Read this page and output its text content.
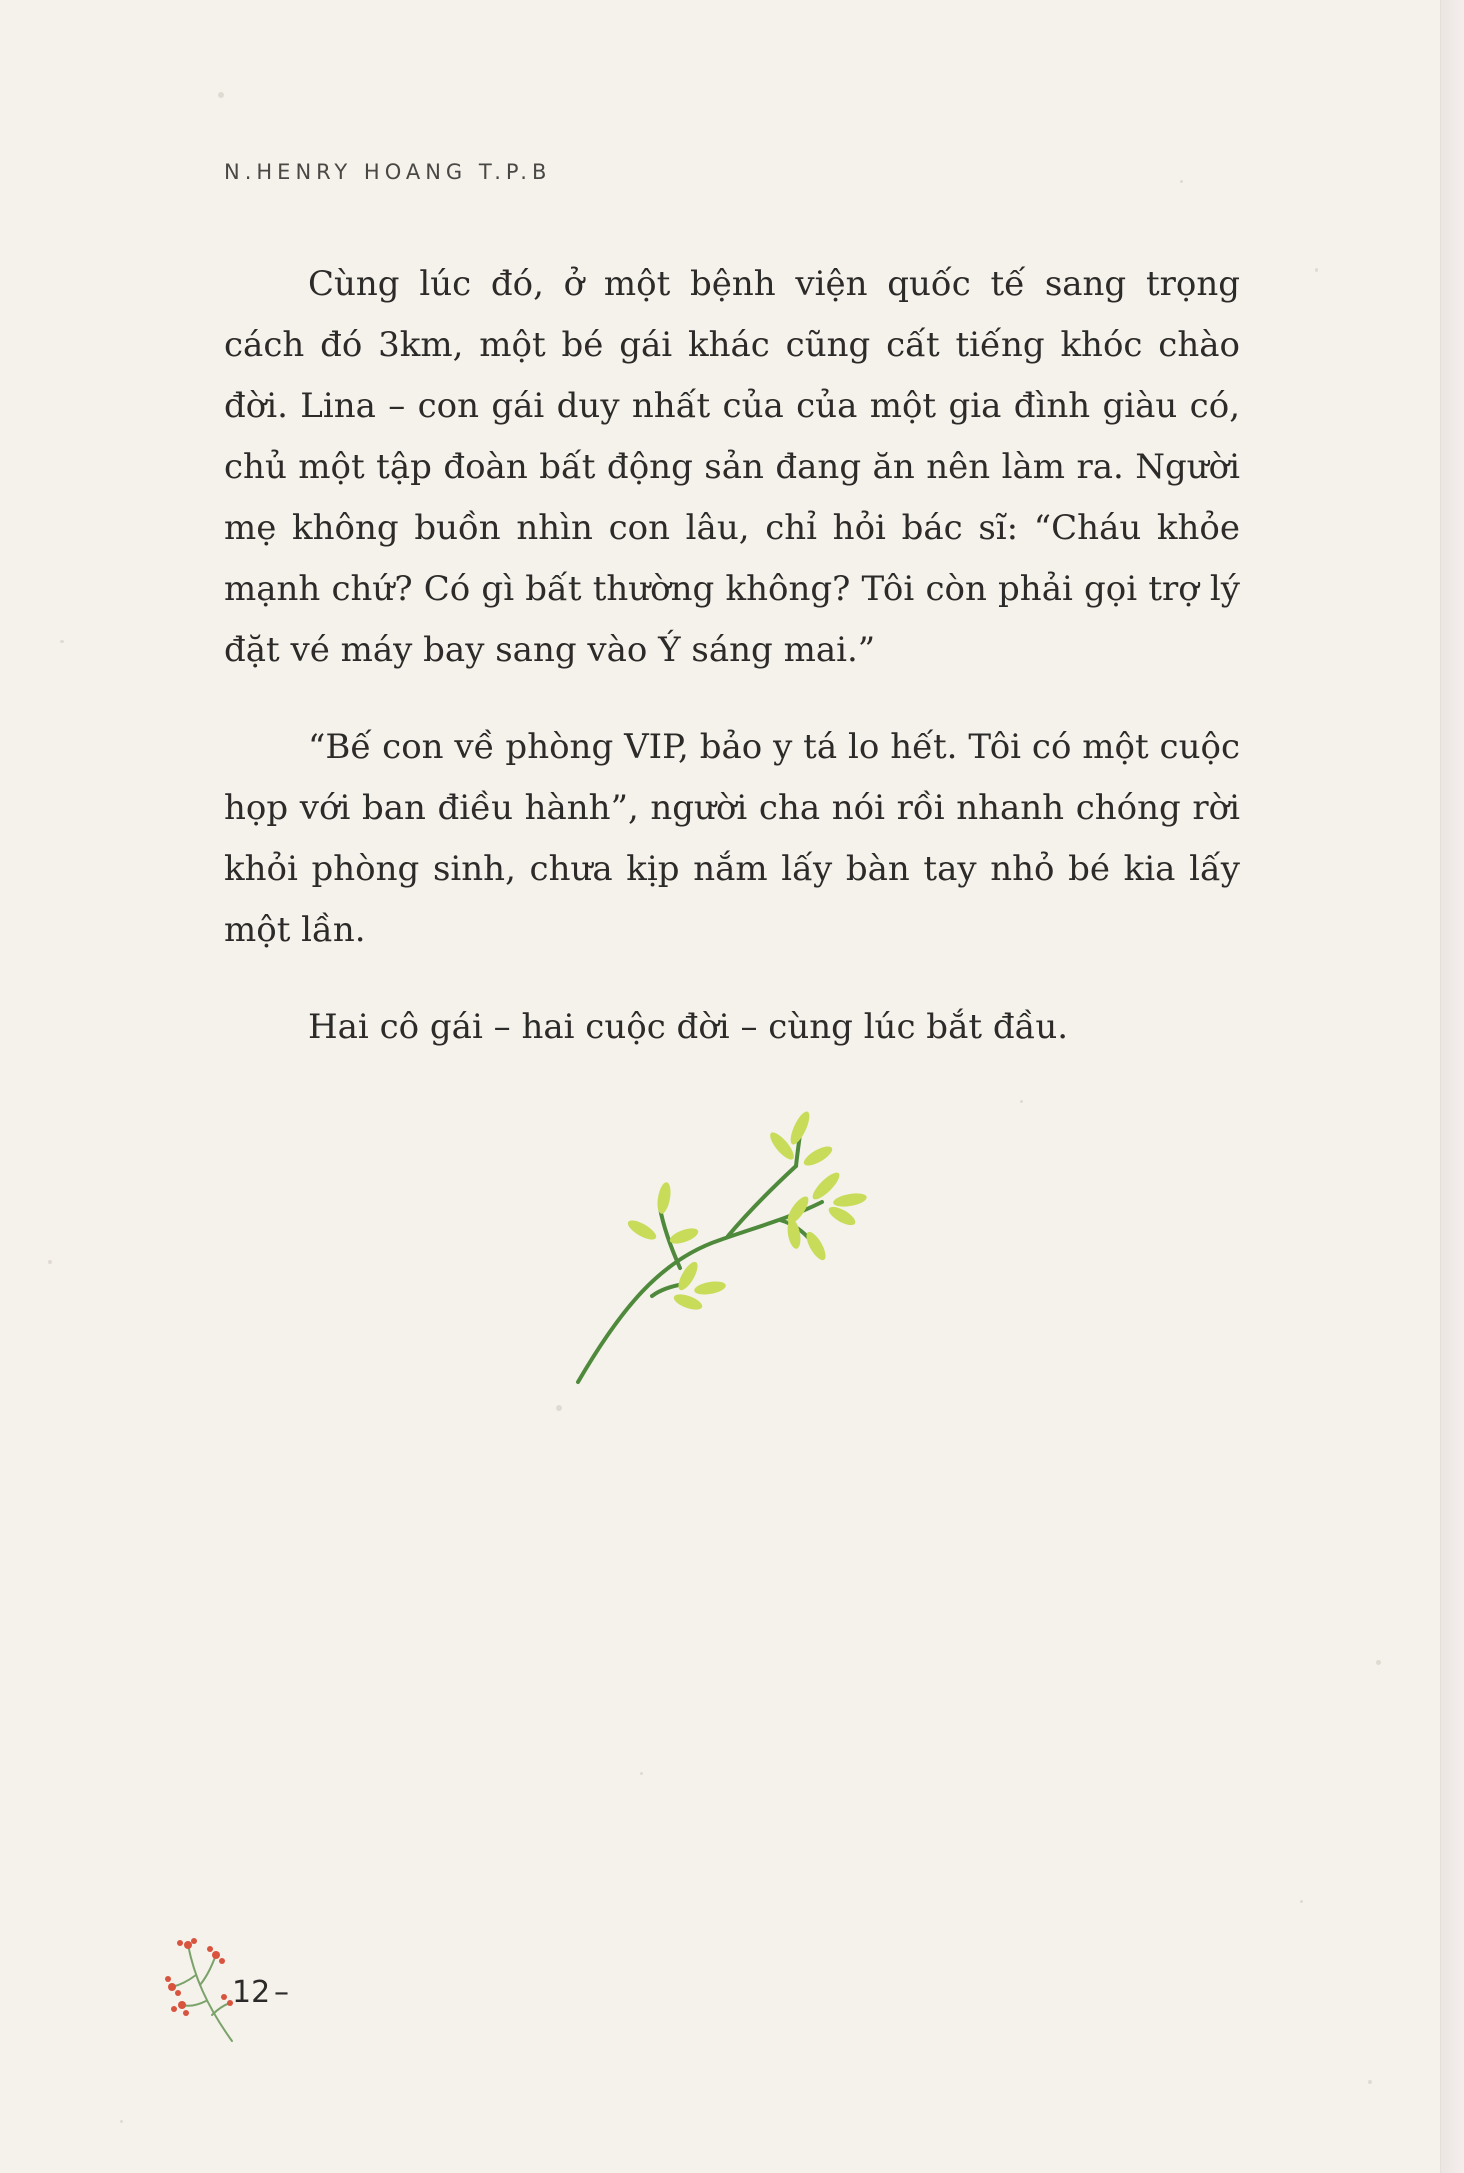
N.HENRY HOANG T.P.B

Cùng lúc đó, ở một bệnh viện quốc tế sang trọng cách đó 3km, một bé gái khác cũng cất tiếng khóc chào đời. Lina – con gái duy nhất của của một gia đình giàu có, chủ một tập đoàn bất động sản đang ăn nên làm ra. Người mẹ không buồn nhìn con lâu, chỉ hỏi bác sĩ: “Cháu khỏe mạnh chứ? Có gì bất thường không? Tôi còn phải gọi trợ lý đặt vé máy bay sang vào Ý sáng mai.”

“Bế con về phòng VIP, bảo y tá lo hết. Tôi có một cuộc họp với ban điều hành”, người cha nói rồi nhanh chóng rời khỏi phòng sinh, chưa kịp nắm lấy bàn tay nhỏ bé kia lấy một lần.

Hai cô gái – hai cuộc đời – cùng lúc bắt đầu.

12 –
